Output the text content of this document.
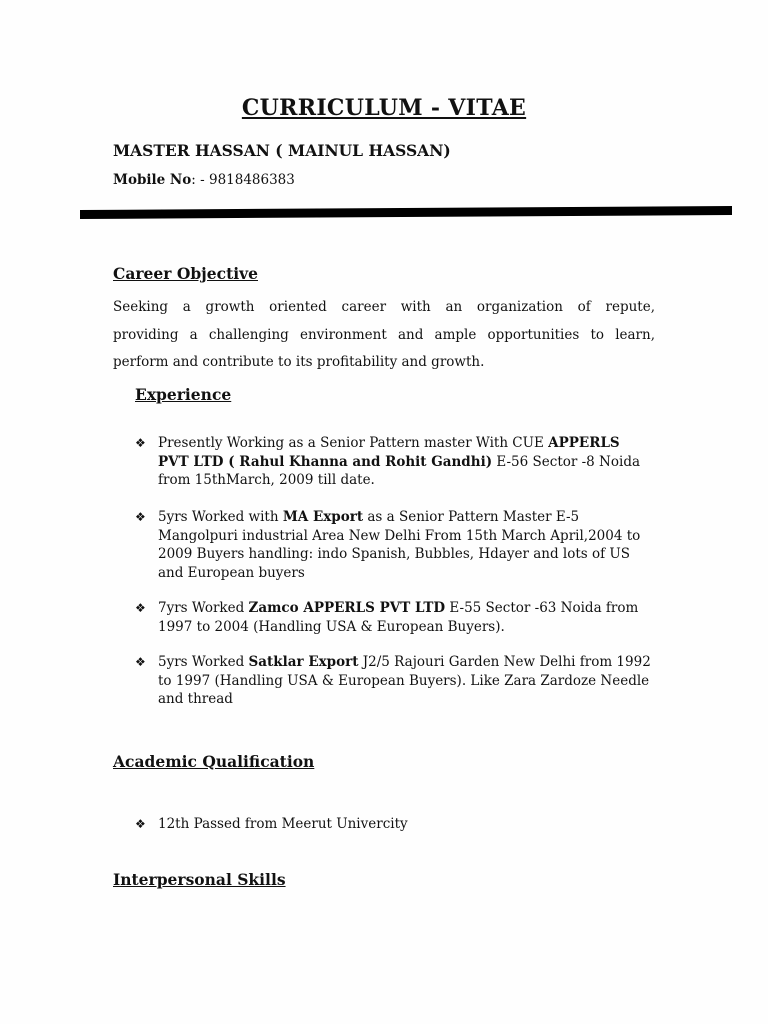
CURRICULUM - VITAE
MASTER HASSAN ( MAINUL HASSAN)
Mobile No: - 9818486383
Career Objective
Seeking a growth oriented career with an organization of repute,
providing a challenging environment and ample opportunities to learn,
perform and contribute to its profitability and growth.
Experience
❖ Presently Working as a Senior Pattern master With CUE APPERLS PVT LTD ( Rahul Khanna and Rohit Gandhi) E-56 Sector -8 Noida from 15thMarch, 2009 till date.
❖ 5yrs Worked with MA Export as a Senior Pattern Master E-5 Mangolpuri industrial Area New Delhi From 15th March April,2004 to 2009 Buyers handling: indo Spanish, Bubbles, Hdayer and lots of US and European buyers
❖ 7yrs Worked Zamco APPERLS PVT LTD E-55 Sector -63 Noida from 1997 to 2004 (Handling USA & European Buyers).
❖ 5yrs Worked Satklar Export J2/5 Rajouri Garden New Delhi from 1992 to 1997 (Handling USA & European Buyers). Like Zara Zardoze Needle and thread
Academic Qualification
❖ 12th Passed from Meerut Univercity
Interpersonal Skills
